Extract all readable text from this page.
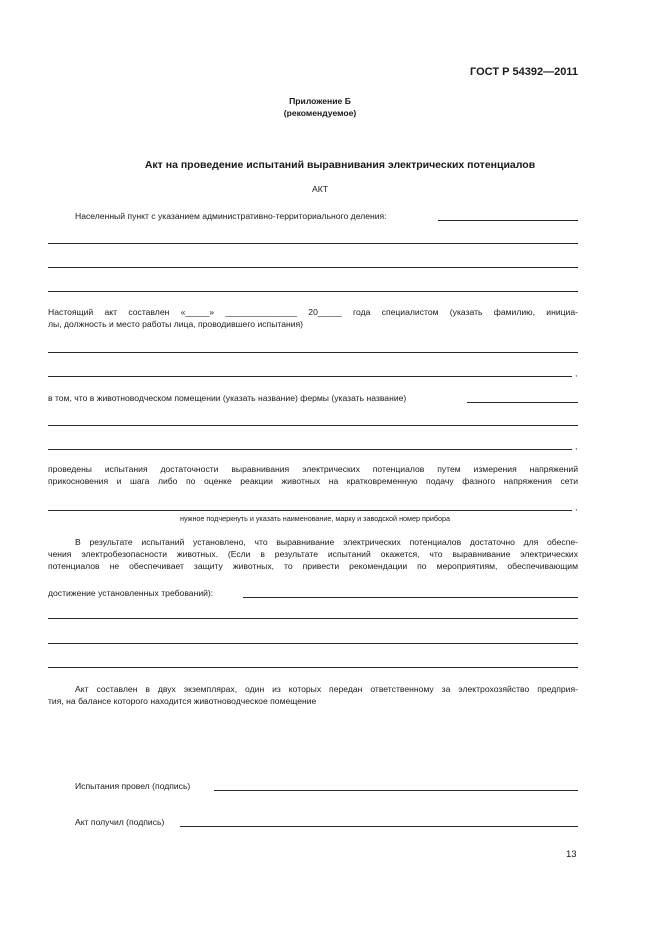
ГОСТ Р 54392—2011
Приложение Б
(рекомендуемое)
Акт на проведение испытаний выравнивания электрических потенциалов
АКТ
Населенный пункт с указанием административно-территориального деления:
Настоящий акт составлен «_____» _______________ 20_____ года специалистом (указать фамилию, инициа-
лы, должность и место работы лица, проводившего испытания)
,
в том, что в животноводческом помещении (указать название) фермы (указать название)
,
проведены испытания достаточности выравнивания электрических потенциалов путем измерения напряжений
прикосновения и шага либо по оценке реакции животных на кратковременную подачу фазного напряжения сети
,
нужное подчеркнуть и указать наименование, марку и заводской номер прибора
В результате испытаний установлено, что выравнивание электрических потенциалов достаточно для обеспе-
чения электробезопасности животных. (Если в результате испытаний окажется, что выравнивание электрических
потенциалов не обеспечивает защиту животных, то привести рекомендации по мероприятиям, обеспечивающим
достижение установленных требований):
Акт составлен в двух экземплярах, один из которых передан ответственному за электрохозяйство предприя-
тия, на балансе которого находится животноводческое помещение
Испытания провел (подпись)
Акт получил (подпись)
13
